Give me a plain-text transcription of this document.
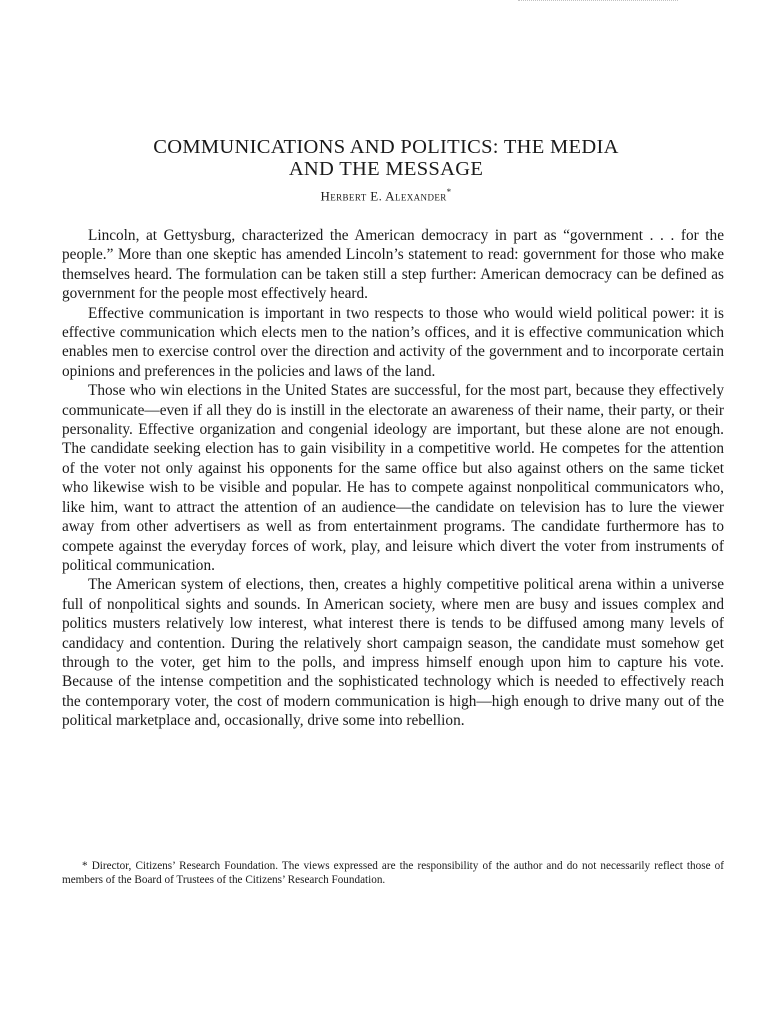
COMMUNICATIONS AND POLITICS: THE MEDIA
AND THE MESSAGE
Herbert E. Alexander*

Lincoln, at Gettysburg, characterized the American democracy in part as “government . . . for the people.” More than one skeptic has amended Lincoln’s statement to read: government for those who make themselves heard. The formulation can be taken still a step further: American democracy can be defined as government for the people most effectively heard.

Effective communication is important in two respects to those who would wield political power: it is effective communication which elects men to the nation’s offices, and it is effective communication which enables men to exercise control over the direction and activity of the government and to incorporate certain opinions and preferences in the policies and laws of the land.

Those who win elections in the United States are successful, for the most part, because they effectively communicate—even if all they do is instill in the electorate an awareness of their name, their party, or their personality. Effective organization and congenial ideology are important, but these alone are not enough. The candidate seeking election has to gain visibility in a competitive world. He competes for the attention of the voter not only against his opponents for the same office but also against others on the same ticket who likewise wish to be visible and popular. He has to compete against nonpolitical communicators who, like him, want to attract the attention of an audience—the candidate on television has to lure the viewer away from other advertisers as well as from entertainment programs. The candidate furthermore has to compete against the everyday forces of work, play, and leisure which divert the voter from instruments of political communication.

The American system of elections, then, creates a highly competitive political arena within a universe full of nonpolitical sights and sounds. In American society, where men are busy and issues complex and politics musters relatively low interest, what interest there is tends to be diffused among many levels of candidacy and contention. During the relatively short campaign season, the candidate must somehow get through to the voter, get him to the polls, and impress himself enough upon him to capture his vote. Because of the intense competition and the sophisticated technology which is needed to effectively reach the contemporary voter, the cost of modern communication is high—high enough to drive many out of the political marketplace and, occasionally, drive some into rebellion.

* Director, Citizens’ Research Foundation. The views expressed are the responsibility of the author and do not necessarily reflect those of members of the Board of Trustees of the Citizens’ Research Foundation.
